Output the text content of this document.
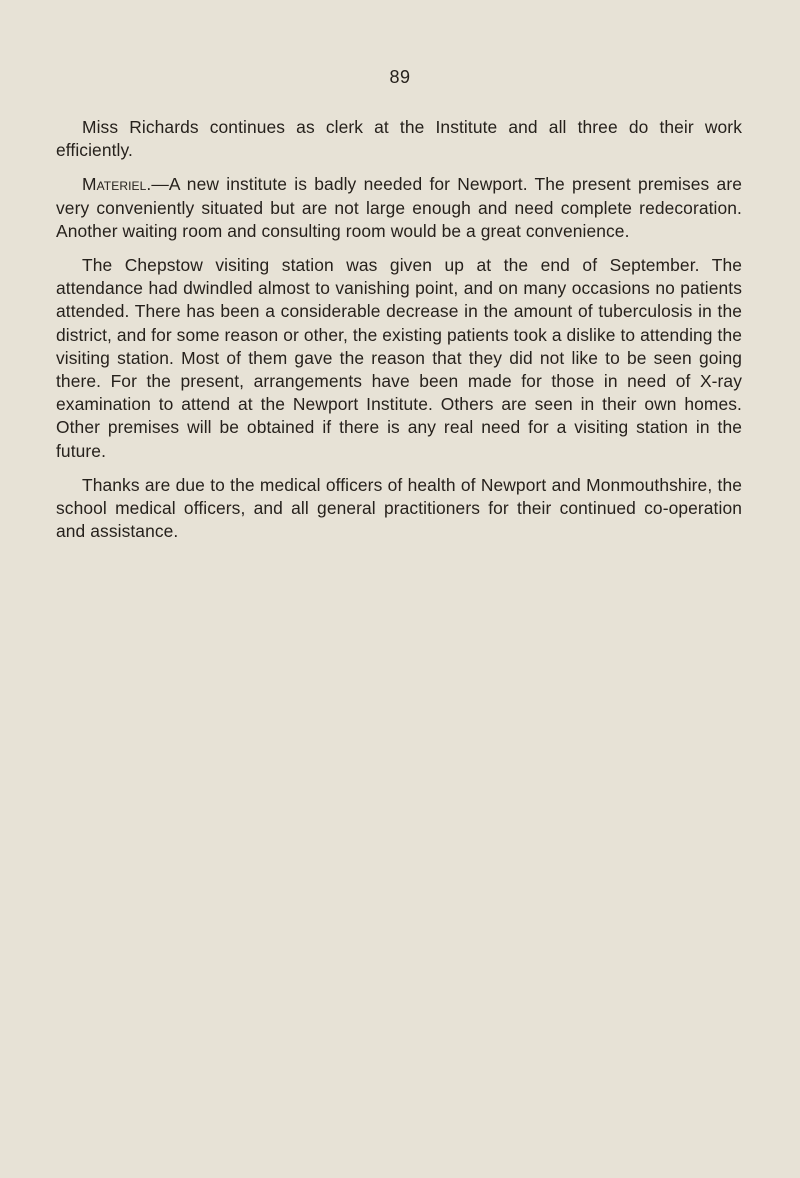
89

Miss Richards continues as clerk at the Institute and all three do their work efficiently.

Materiel.—A new institute is badly needed for Newport. The present premises are very conveniently situated but are not large enough and need complete redecoration. Another waiting room and consulting room would be a great convenience.

The Chepstow visiting station was given up at the end of September. The attendance had dwindled almost to vanishing point, and on many occasions no patients attended. There has been a considerable decrease in the amount of tuberculosis in the district, and for some reason or other, the existing patients took a dislike to attending the visiting station. Most of them gave the reason that they did not like to be seen going there. For the present, arrangements have been made for those in need of X-ray examination to attend at the Newport Institute. Others are seen in their own homes. Other premises will be obtained if there is any real need for a visiting station in the future.

Thanks are due to the medical officers of health of Newport and Monmouthshire, the school medical officers, and all general practitioners for their continued co-operation and assistance.
